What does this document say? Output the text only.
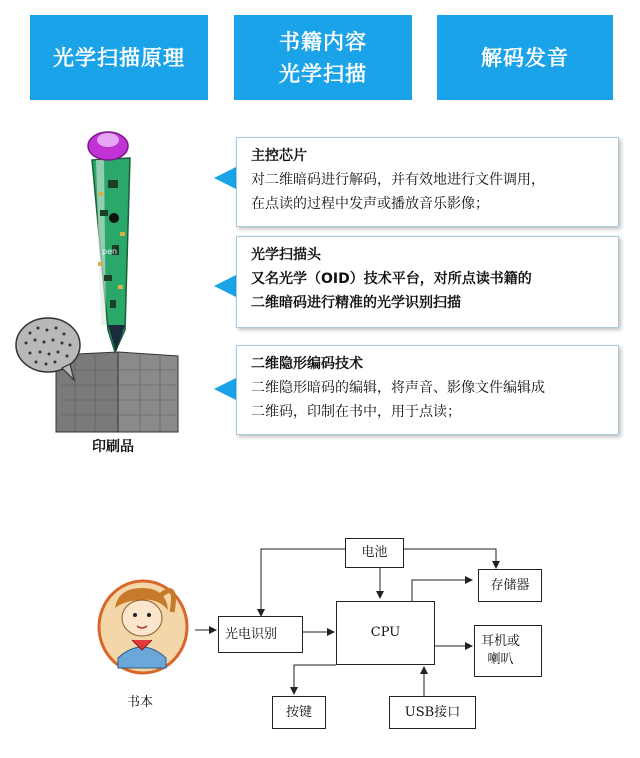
光学扫描原理
书籍内容
光学扫描
解码发音
pen
印刷品
主控芯片
对二维暗码进行解码，并有效地进行文件调用，
在点读的过程中发声或播放音乐影像；
光学扫描头
又名光学（OID）技术平台，对所点读书籍的
二维暗码进行精准的光学识别扫描
二维隐形编码技术
二维隐形暗码的编辑，将声音、影像文件编辑成
二维码，印制在书中，用于点读；
书本
电池
存储器
光电识别	CPU
耳机或
喇叭
按键	USB接口
